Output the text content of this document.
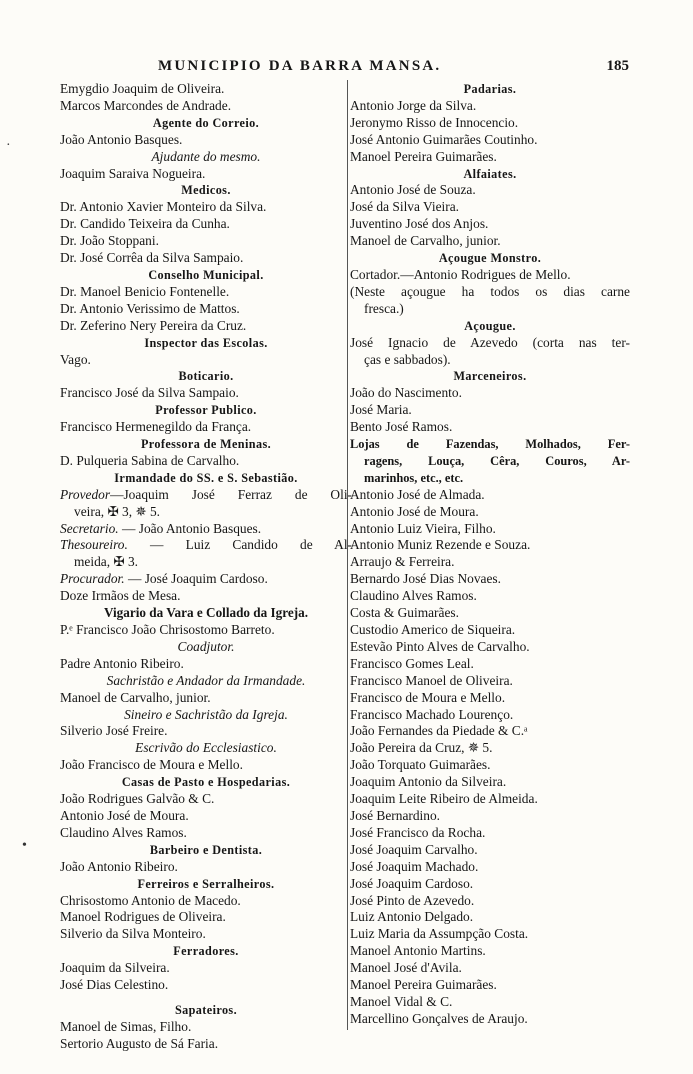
MUNICIPIO DA BARRA MANSA.	185
·
•
Emygdio Joaquim de Oliveira.
Marcos Marcondes de Andrade.
Agente do Correio.
João Antonio Basques.
Ajudante do mesmo.
Joaquim Saraiva Nogueira.
Medicos.
Dr. Antonio Xavier Monteiro da Silva.
Dr. Candido Teixeira da Cunha.
Dr. João Stoppani.
Dr. José Corrêa da Silva Sampaio.
Conselho Municipal.
Dr. Manoel Benicio Fontenelle.
Dr. Antonio Verissimo de Mattos.
Dr. Zeferino Nery Pereira da Cruz.
Inspector das Escolas.
Vago.
Boticario.
Francisco José da Silva Sampaio.
Professor Publico.
Francisco Hermenegildo da França.
Professora de Meninas.
D. Pulqueria Sabina de Carvalho.
Irmandade do SS. e S. Sebastião.
Provedor—Joaquim José Ferraz de Oli-
veira, ✠ 3, ✵ 5.
Secretario. — João Antonio Basques.
Thesoureiro. — Luiz Candido de Al-
meida, ✠ 3.
Procurador. — José Joaquim Cardoso.
Doze Irmãos de Mesa.
Vigario da Vara e Collado da Igreja.
P.ᵉ Francisco João Chrisostomo Barreto.
Coadjutor.
Padre Antonio Ribeiro.
Sachristão e Andador da Irmandade.
Manoel de Carvalho, junior.
Sineiro e Sachristão da Igreja.
Silverio José Freire.
Escrivão do Ecclesiastico.
João Francisco de Moura e Mello.
Casas de Pasto e Hospedarias.
João Rodrigues Galvão & C.
Antonio José de Moura.
Claudino Alves Ramos.
Barbeiro e Dentista.
João Antonio Ribeiro.
Ferreiros e Serralheiros.
Chrisostomo Antonio de Macedo.
Manoel Rodrigues de Oliveira.
Silverio da Silva Monteiro.
Ferradores.
Joaquim da Silveira.
José Dias Celestino.
Sapateiros.
Manoel de Simas, Filho.
Sertorio Augusto de Sá Faria.
Padarias.
Antonio Jorge da Silva.
Jeronymo Risso de Innocencio.
José Antonio Guimarães Coutinho.
Manoel Pereira Guimarães.
Alfaiates.
Antonio José de Souza.
José da Silva Vieira.
Juventino José dos Anjos.
Manoel de Carvalho, junior.
Açougue Monstro.
Cortador.—Antonio Rodrigues de Mello.
(Neste açougue ha todos os dias carne
fresca.)
Açougue.
José Ignacio de Azevedo (corta nas ter-
ças e sabbados).
Marceneiros.
João do Nascimento.
José Maria.
Bento José Ramos.
Lojas de Fazendas, Molhados, Fer-
ragens, Louça, Cêra, Couros, Ar-
marinhos, etc., etc.
Antonio José de Almada.
Antonio José de Moura.
Antonio Luiz Vieira, Filho.
Antonio Muniz Rezende e Souza.
Arraujo & Ferreira.
Bernardo José Dias Novaes.
Claudino Alves Ramos.
Costa & Guimarães.
Custodio Americo de Siqueira.
Estevão Pinto Alves de Carvalho.
Francisco Gomes Leal.
Francisco Manoel de Oliveira.
Francisco de Moura e Mello.
Francisco Machado Lourenço.
João Fernandes da Piedade & C.ᵃ
João Pereira da Cruz, ✵ 5.
João Torquato Guimarães.
Joaquim Antonio da Silveira.
Joaquim Leite Ribeiro de Almeida.
José Bernardino.
José Francisco da Rocha.
José Joaquim Carvalho.
José Joaquim Machado.
José Joaquim Cardoso.
José Pinto de Azevedo.
Luiz Antonio Delgado.
Luiz Maria da Assumpção Costa.
Manoel Antonio Martins.
Manoel José d'Avila.
Manoel Pereira Guimarães.
Manoel Vidal & C.
Marcellino Gonçalves de Araujo.
